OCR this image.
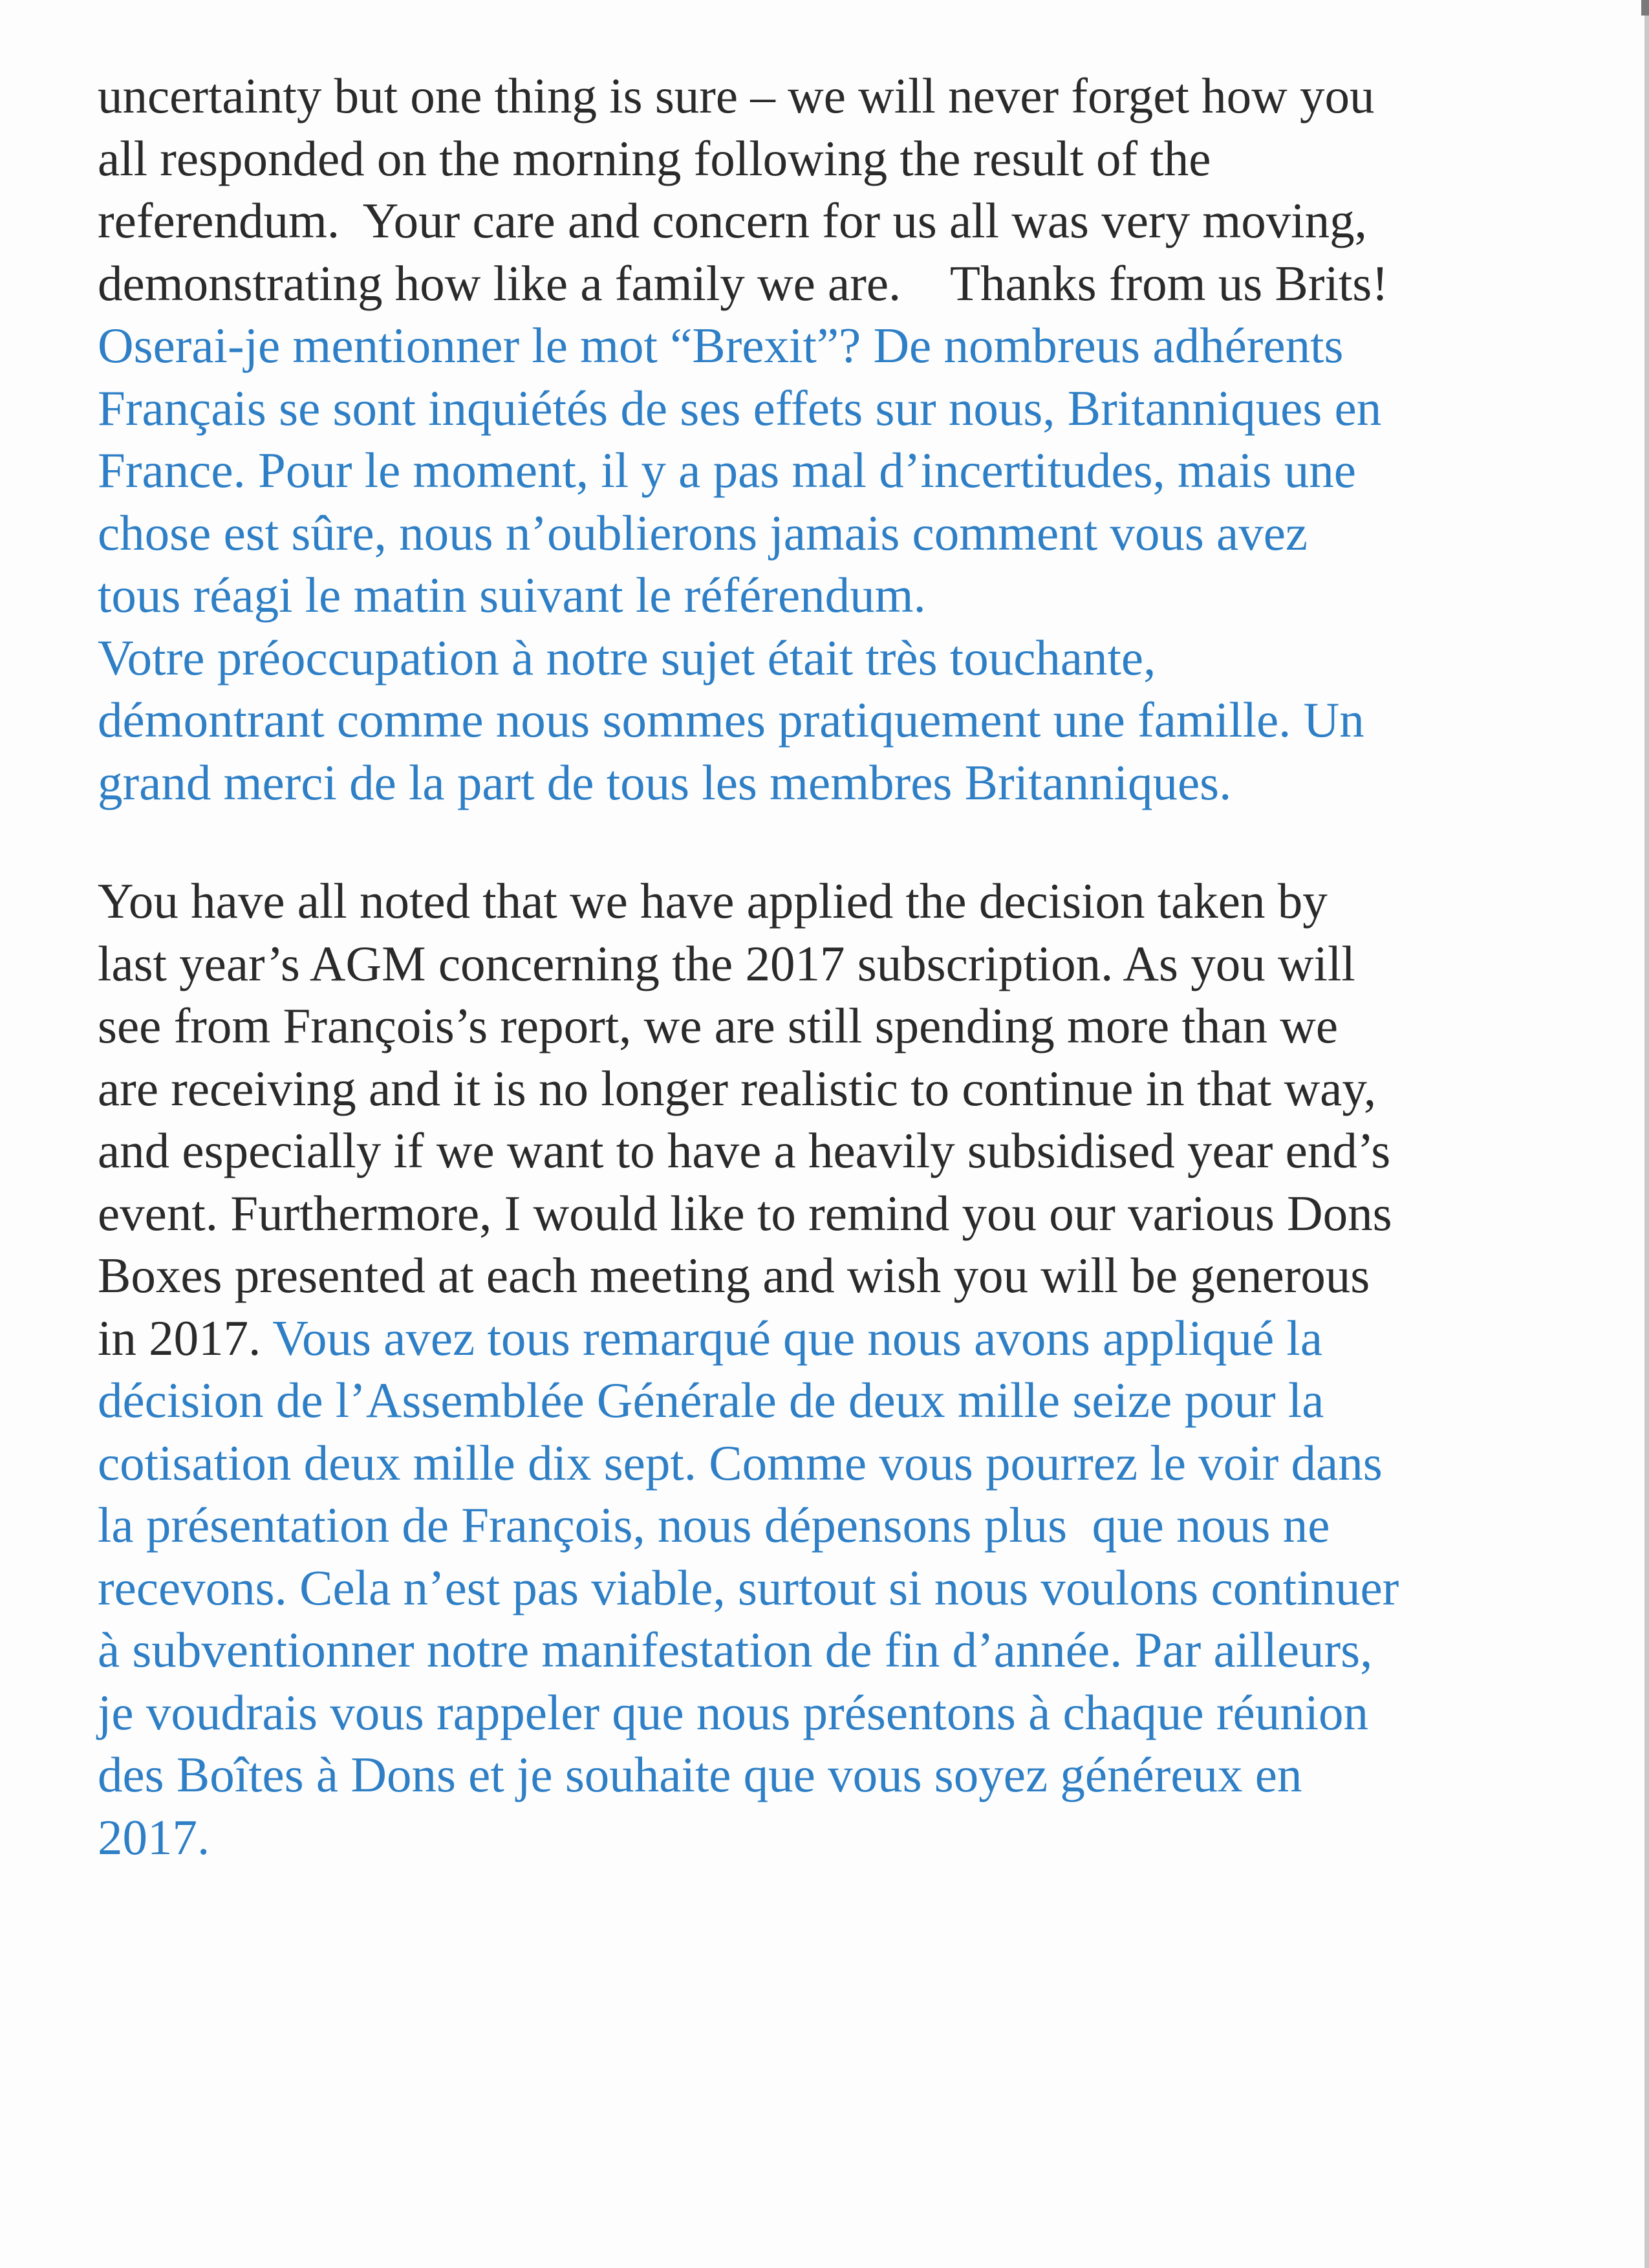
uncertainty but one thing is sure – we will never forget how you
all responded on the morning following the result of the
referendum.  Your care and concern for us all was very moving,
demonstrating how like a family we are.    Thanks from us Brits!
Oserai-je mentionner le mot “Brexit”? De nombreus adhérents
Français se sont inquiétés de ses effets sur nous, Britanniques en
France. Pour le moment, il y a pas mal d’incertitudes, mais une
chose est sûre, nous n’oublierons jamais comment vous avez
tous réagi le matin suivant le référendum.
Votre préoccupation à notre sujet était très touchante,
démontrant comme nous sommes pratiquement une famille. Un
grand merci de la part de tous les membres Britanniques.
You have all noted that we have applied the decision taken by
last year’s AGM concerning the 2017 subscription. As you will
see from François’s report, we are still spending more than we
are receiving and it is no longer realistic to continue in that way,
and especially if we want to have a heavily subsidised year end’s
event. Furthermore, I would like to remind you our various Dons
Boxes presented at each meeting and wish you will be generous
in 2017. Vous avez tous remarqué que nous avons appliqué la
décision de l’Assemblée Générale de deux mille seize pour la
cotisation deux mille dix sept. Comme vous pourrez le voir dans
la présentation de François, nous dépensons plus  que nous ne
recevons. Cela n’est pas viable, surtout si nous voulons continuer
à subventionner notre manifestation de fin d’année. Par ailleurs,
je voudrais vous rappeler que nous présentons à chaque réunion
des Boîtes à Dons et je souhaite que vous soyez généreux en
2017.
